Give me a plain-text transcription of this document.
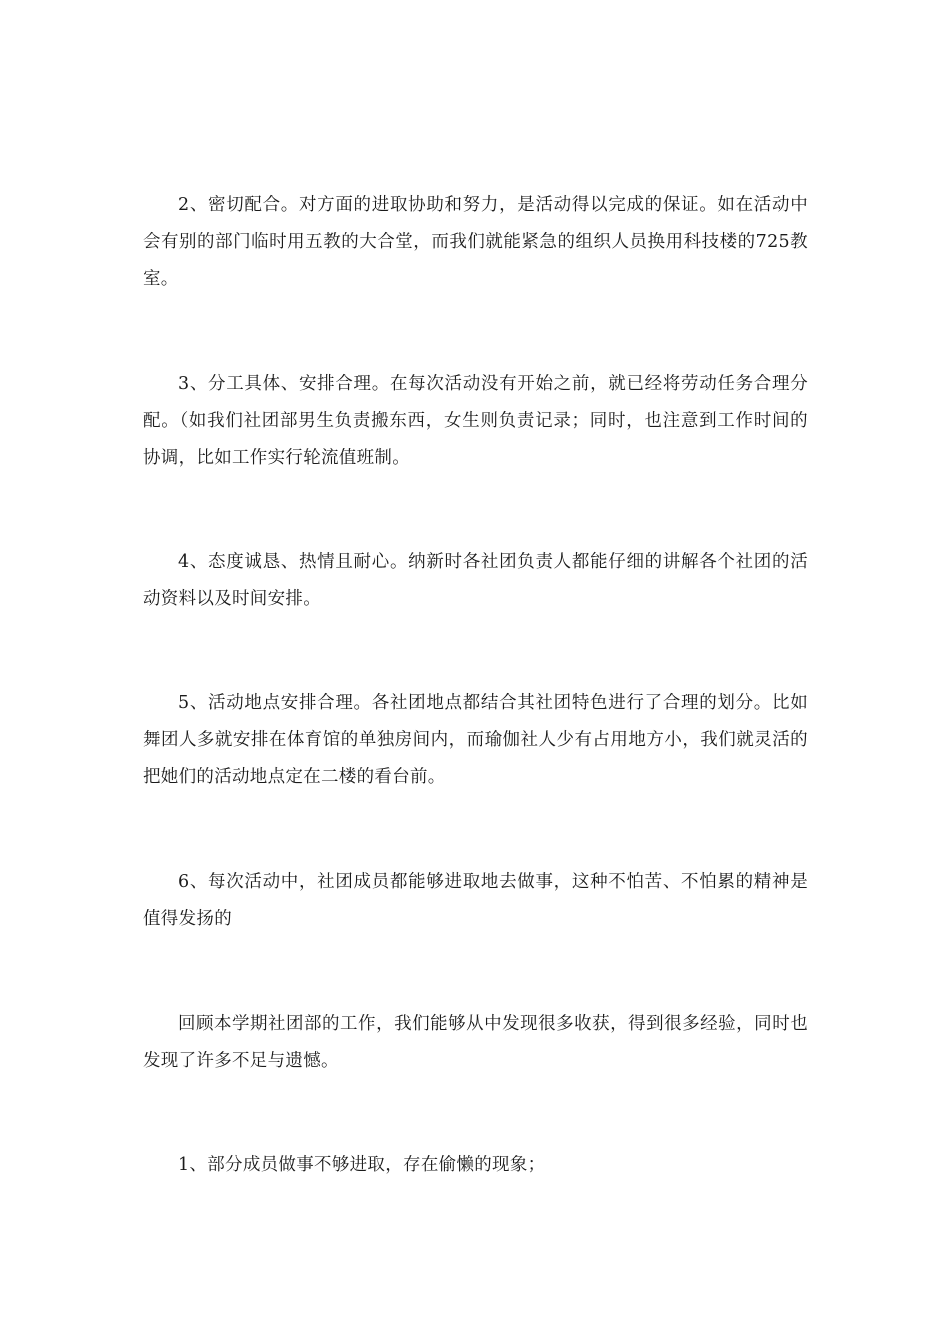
2、密切配合。对方面的进取协助和努力，是活动得以完成的保证。如在活动中会有别的部门临时用五教的大合堂，而我们就能紧急的组织人员换用科技楼的725教室。

3、分工具体、安排合理。在每次活动没有开始之前，就已经将劳动任务合理分配。（如我们社团部男生负责搬东西，女生则负责记录；同时，也注意到工作时间的协调，比如工作实行轮流值班制。

4、态度诚恳、热情且耐心。纳新时各社团负责人都能仔细的讲解各个社团的活动资料以及时间安排。

5、活动地点安排合理。各社团地点都结合其社团特色进行了合理的划分。比如舞团人多就安排在体育馆的单独房间内，而瑜伽社人少有占用地方小，我们就灵活的把她们的活动地点定在二楼的看台前。

6、每次活动中，社团成员都能够进取地去做事，这种不怕苦、不怕累的精神是值得发扬的

回顾本学期社团部的工作，我们能够从中发现很多收获，得到很多经验，同时也发现了许多不足与遗憾。

1、部分成员做事不够进取，存在偷懒的现象；
